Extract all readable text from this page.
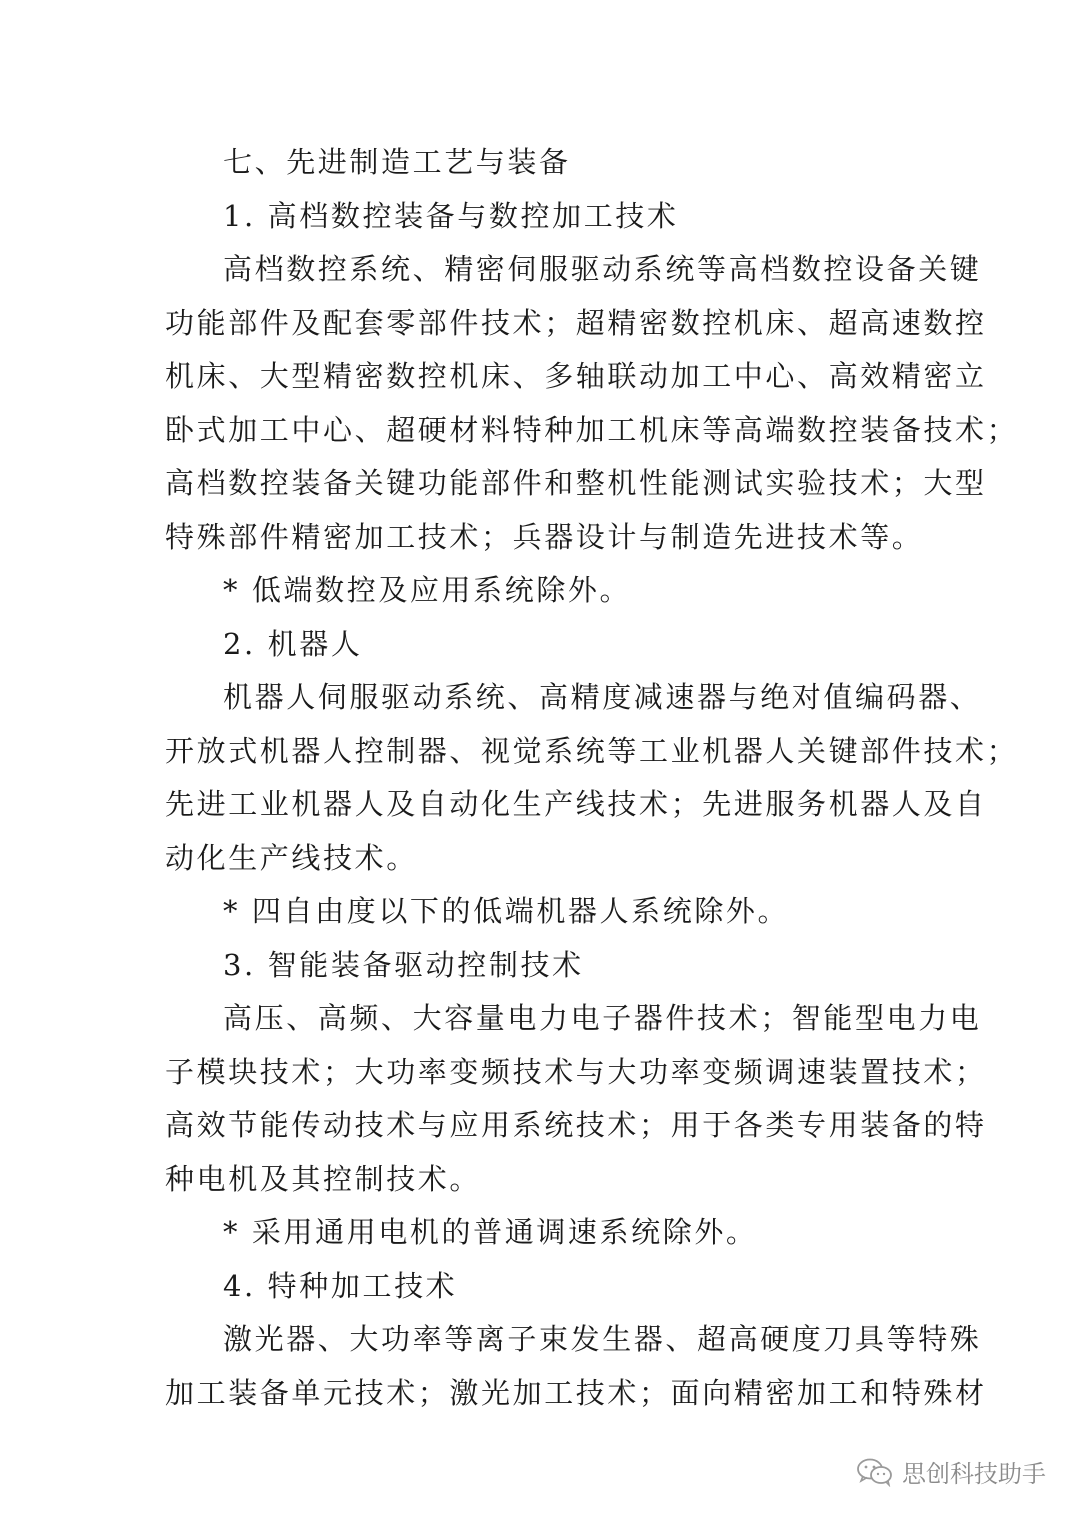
七、先进制造工艺与装备
1. 高档数控装备与数控加工技术
高档数控系统、精密伺服驱动系统等高档数控设备关键
功能部件及配套零部件技术；超精密数控机床、超高速数控
机床、大型精密数控机床、多轴联动加工中心、高效精密立
卧式加工中心、超硬材料特种加工机床等高端数控装备技术；
高档数控装备关键功能部件和整机性能测试实验技术；大型
特殊部件精密加工技术；兵器设计与制造先进技术等。
* 低端数控及应用系统除外。
2. 机器人
机器人伺服驱动系统、高精度减速器与绝对值编码器、
开放式机器人控制器、视觉系统等工业机器人关键部件技术；
先进工业机器人及自动化生产线技术；先进服务机器人及自
动化生产线技术。
* 四自由度以下的低端机器人系统除外。
3. 智能装备驱动控制技术
高压、高频、大容量电力电子器件技术；智能型电力电
子模块技术；大功率变频技术与大功率变频调速装置技术；
高效节能传动技术与应用系统技术；用于各类专用装备的特
种电机及其控制技术。
* 采用通用电机的普通调速系统除外。
4. 特种加工技术
激光器、大功率等离子束发生器、超高硬度刀具等特殊
加工装备单元技术；激光加工技术；面向精密加工和特殊材
思创科技助手
